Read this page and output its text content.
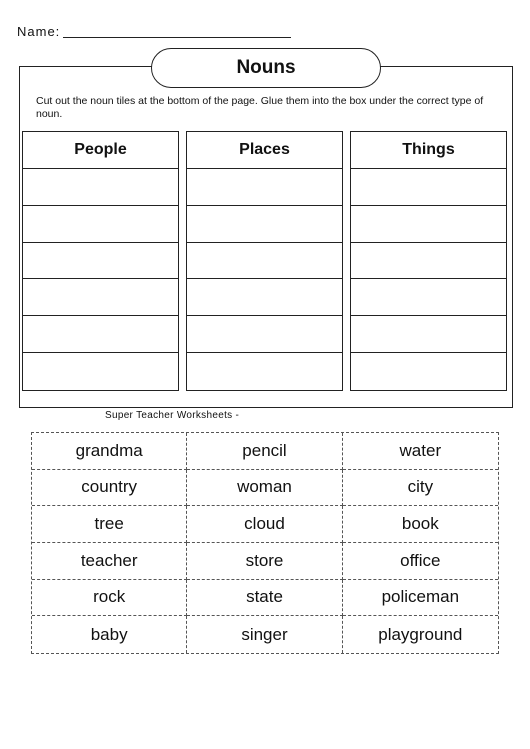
Name:
Nouns
Cut out the noun tiles at the bottom of the page. Glue them into the box under the correct type of noun.
People	Places	Things
Super Teacher Worksheets -
grandma	pencil	water
country	woman	city
tree	cloud	book
teacher	store	office
rock	state	policeman
baby	singer	playground
